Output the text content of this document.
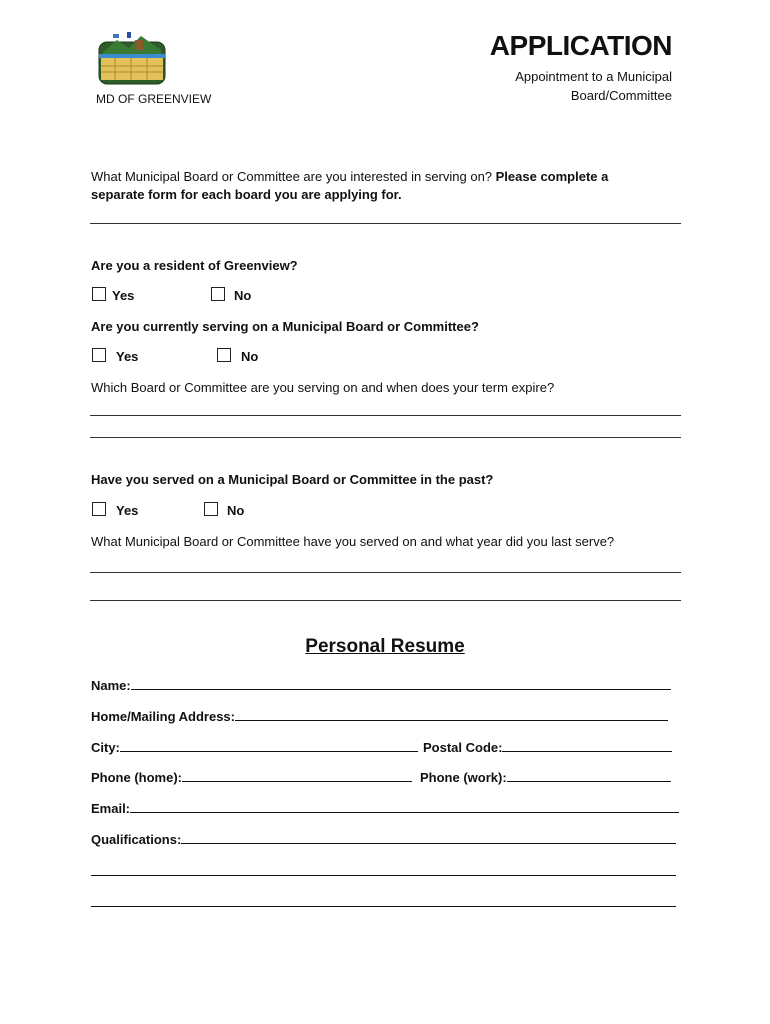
MD OF GREENVIEW
APPLICATION
Appointment to a Municipal
Board/Committee
What Municipal Board or Committee are you interested in serving on? Please complete a separate form for each board you are applying for.
Are you a resident of Greenview?
Yes	No
Are you currently serving on a Municipal Board or Committee?
Yes	No
Which Board or Committee are you serving on and when does your term expire?
Have you served on a Municipal Board or Committee in the past?
Yes	No
What Municipal Board or Committee have you served on and what year did you last serve?
Personal Resume
Name:
Home/Mailing Address:
City:	Postal Code:
Phone (home):	Phone (work):
Email:
Qualifications:
